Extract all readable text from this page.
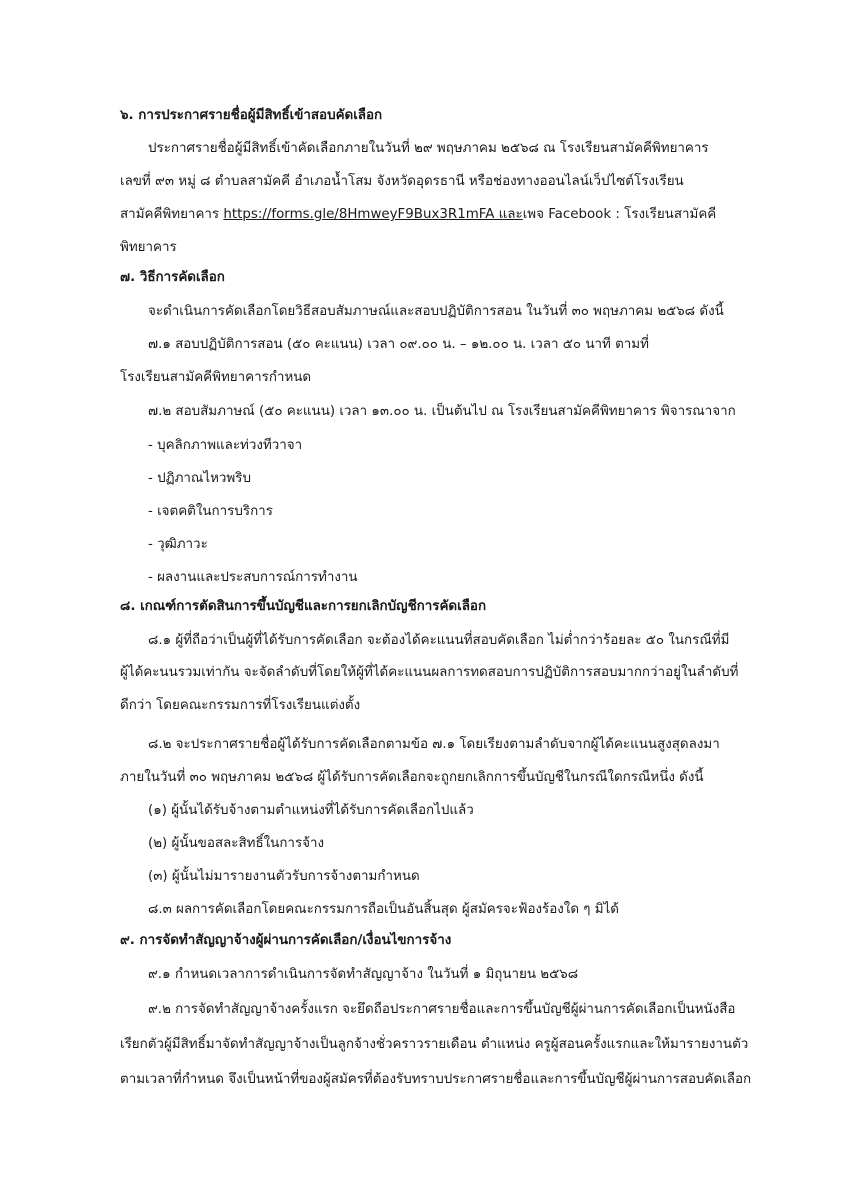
๖. การประกาศรายชื่อผู้มีสิทธิ์เข้าสอบคัดเลือก
ประกาศรายชื่อผู้มีสิทธิ์เข้าคัดเลือกภายในวันที่ ๒๙ พฤษภาคม ๒๕๖๘ ณ โรงเรียนสามัคคีพิทยาคาร
เลขที่ ๙๓ หมู่ ๘ ตำบลสามัคคี อำเภอน้ำโสม จังหวัดอุดรธานี หรือช่องทางออนไลน์เว็ปไซต์โรงเรียน
สามัคคีพิทยาคาร https://forms.gle/8HmweyF9Bux3R1mFA และเพจ Facebook : โรงเรียนสามัคคี
พิทยาคาร
๗. วิธีการคัดเลือก
จะดำเนินการคัดเลือกโดยวิธีสอบสัมภาษณ์และสอบปฏิบัติการสอน ในวันที่ ๓๐ พฤษภาคม ๒๕๖๘ ดังนี้
๗.๑ สอบปฏิบัติการสอน (๕๐ คะแนน) เวลา ๐๙.๐๐ น. – ๑๒.๐๐ น. เวลา ๕๐ นาที ตามที่
โรงเรียนสามัคคีพิทยาคารกำหนด
๗.๒ สอบสัมภาษณ์ (๕๐ คะแนน) เวลา ๑๓.๐๐ น. เป็นต้นไป ณ โรงเรียนสามัคคีพิทยาคาร พิจารณาจาก
- บุคลิกภาพและท่วงทีวาจา
- ปฏิภาณไหวพริบ
- เจตคติในการบริการ
- วุฒิภาวะ
- ผลงานและประสบการณ์การทำงาน
๘. เกณฑ์การตัดสินการขึ้นบัญชีและการยกเลิกบัญชีการคัดเลือก
๘.๑ ผู้ที่ถือว่าเป็นผู้ที่ได้รับการคัดเลือก จะต้องได้คะแนนที่สอบคัดเลือก ไม่ต่ำกว่าร้อยละ ๕๐ ในกรณีที่มี
ผู้ได้คะนนรวมเท่ากัน จะจัดลำดับที่โดยให้ผู้ที่ได้คะแนนผลการทดสอบการปฏิบัติการสอบมากกว่าอยู่ในลำดับที่
ดีกว่า โดยคณะกรรมการที่โรงเรียนแต่งตั้ง
๘.๒ จะประกาศรายชื่อผู้ได้รับการคัดเลือกตามข้อ ๗.๑ โดยเรียงตามลำดับจากผู้ได้คะแนนสูงสุดลงมา
ภายในวันที่ ๓๐ พฤษภาคม ๒๕๖๘ ผู้ได้รับการคัดเลือกจะถูกยกเลิกการขึ้นบัญชีในกรณีใดกรณีหนึ่ง ดังนี้
(๑) ผู้นั้นได้รับจ้างตามตำแหน่งที่ได้รับการคัดเลือกไปแล้ว
(๒) ผู้นั้นขอสละสิทธิ์ในการจ้าง
(๓) ผู้นั้นไม่มารายงานตัวรับการจ้างตามกำหนด
๘.๓ ผลการคัดเลือกโดยคณะกรรมการถือเป็นอันสิ้นสุด ผู้สมัครจะฟ้องร้องใด ๆ มิได้
๙. การจัดทำสัญญาจ้างผู้ผ่านการคัดเลือก/เงื่อนไขการจ้าง
๙.๑ กำหนดเวลาการดำเนินการจัดทำสัญญาจ้าง ในวันที่ ๑ มิถุนายน ๒๕๖๘
๙.๒ การจัดทำสัญญาจ้างครั้งแรก จะยึดถือประกาศรายชื่อและการขึ้นบัญชีผู้ผ่านการคัดเลือกเป็นหนังสือ
เรียกตัวผู้มีสิทธิ์มาจัดทำสัญญาจ้างเป็นลูกจ้างชั่วคราวรายเดือน ตำแหน่ง ครูผู้สอนครั้งแรกและให้มารายงานตัว
ตามเวลาที่กำหนด จึงเป็นหน้าที่ของผู้สมัครที่ต้องรับทราบประกาศรายชื่อและการขึ้นบัญชีผู้ผ่านการสอบคัดเลือก
